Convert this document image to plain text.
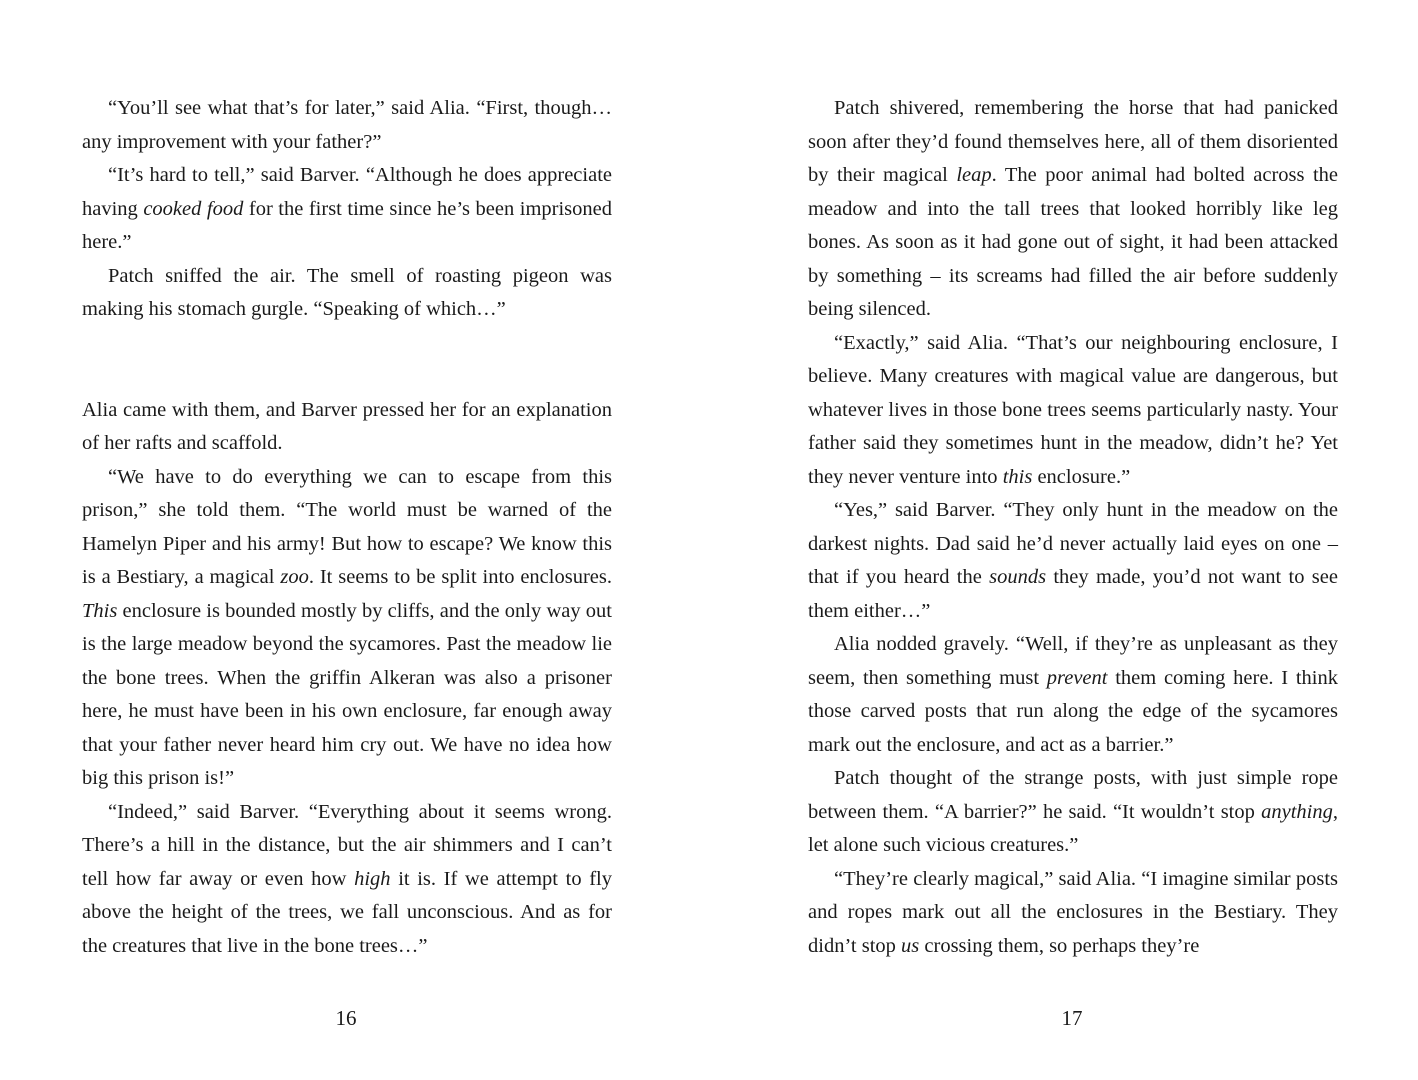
“You’ll see what that’s for later,” said Alia. “First, though…any improvement with your father?”

“It’s hard to tell,” said Barver. “Although he does appreciate having cooked food for the first time since he’s been imprisoned here.”

Patch sniffed the air. The smell of roasting pigeon was making his stomach gurgle. “Speaking of which…”

Alia came with them, and Barver pressed her for an explanation of her rafts and scaffold.

“We have to do everything we can to escape from this prison,” she told them. “The world must be warned of the Hamelyn Piper and his army! But how to escape? We know this is a Bestiary, a magical zoo. It seems to be split into enclosures. This enclosure is bounded mostly by cliffs, and the only way out is the large meadow beyond the sycamores. Past the meadow lie the bone trees. When the griffin Alkeran was also a prisoner here, he must have been in his own enclosure, far enough away that your father never heard him cry out. We have no idea how big this prison is!”

“Indeed,” said Barver. “Everything about it seems wrong. There’s a hill in the distance, but the air shimmers and I can’t tell how far away or even how high it is. If we attempt to fly above the height of the trees, we fall unconscious. And as for the creatures that live in the bone trees…”

16

Patch shivered, remembering the horse that had panicked soon after they’d found themselves here, all of them disoriented by their magical leap. The poor animal had bolted across the meadow and into the tall trees that looked horribly like leg bones. As soon as it had gone out of sight, it had been attacked by something – its screams had filled the air before suddenly being silenced.

“Exactly,” said Alia. “That’s our neighbouring enclosure, I believe. Many creatures with magical value are dangerous, but whatever lives in those bone trees seems particularly nasty. Your father said they sometimes hunt in the meadow, didn’t he? Yet they never venture into this enclosure.”

“Yes,” said Barver. “They only hunt in the meadow on the darkest nights. Dad said he’d never actually laid eyes on one – that if you heard the sounds they made, you’d not want to see them either…”

Alia nodded gravely. “Well, if they’re as unpleasant as they seem, then something must prevent them coming here. I think those carved posts that run along the edge of the sycamores mark out the enclosure, and act as a barrier.”

Patch thought of the strange posts, with just simple rope between them. “A barrier?” he said. “It wouldn’t stop anything, let alone such vicious creatures.”

“They’re clearly magical,” said Alia. “I imagine similar posts and ropes mark out all the enclosures in the Bestiary. They didn’t stop us crossing them, so perhaps they’re

17
